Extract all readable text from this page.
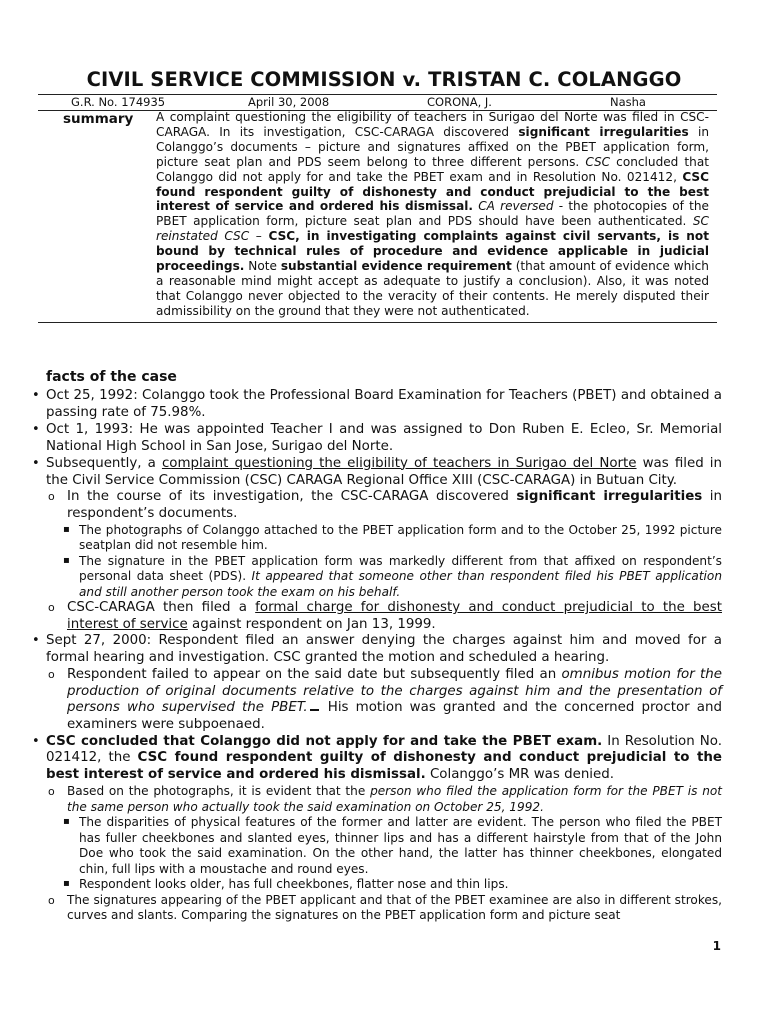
CIVIL SERVICE COMMISSION v. TRISTAN C. COLANGGO
G.R. No. 174935	April 30, 2008	CORONA, J.	Nasha
summary A complaint questioning the eligibility of teachers in Surigao del Norte was filed in CSC-CARAGA. In its investigation, CSC-CARAGA discovered significant irregularities in Colanggo’s documents – picture and signatures affixed on the PBET application form, picture seat plan and PDS seem belong to three different persons. CSC concluded that Colanggo did not apply for and take the PBET exam and in Resolution No. 021412, CSC found respondent guilty of dishonesty and conduct prejudicial to the best interest of service and ordered his dismissal. CA reversed - the photocopies of the PBET application form, picture seat plan and PDS should have been authenticated. SC reinstated CSC – CSC, in investigating complaints against civil servants, is not bound by technical rules of procedure and evidence applicable in judicial proceedings. Note substantial evidence requirement (that amount of evidence which a reasonable mind might accept as adequate to justify a conclusion). Also, it was noted that Colanggo never objected to the veracity of their contents. He merely disputed their admissibility on the ground that they were not authenticated.
facts of the case
• Oct 25, 1992: Colanggo took the Professional Board Examination for Teachers (PBET) and obtained a passing rate of 75.98%.
• Oct 1, 1993: He was appointed Teacher I and was assigned to Don Ruben E. Ecleo, Sr. Memorial National High School in San Jose, Surigao del Norte.
• Subsequently, a complaint questioning the eligibility of teachers in Surigao del Norte was filed in the Civil Service Commission (CSC) CARAGA Regional Office XIII (CSC-CARAGA) in Butuan City.
o In the course of its investigation, the CSC-CARAGA discovered significant irregularities in respondent’s documents.
▪ The photographs of Colanggo attached to the PBET application form and to the October 25, 1992 picture seatplan did not resemble him.
▪ The signature in the PBET application form was markedly different from that affixed on respondent’s personal data sheet (PDS). It appeared that someone other than respondent filed his PBET application and still another person took the exam on his behalf.
o CSC-CARAGA then filed a formal charge for dishonesty and conduct prejudicial to the best interest of service against respondent on Jan 13, 1999.
• Sept 27, 2000: Respondent filed an answer denying the charges against him and moved for a formal hearing and investigation. CSC granted the motion and scheduled a hearing.
o Respondent failed to appear on the said date but subsequently filed an omnibus motion for the production of original documents relative to the charges against him and the presentation of persons who supervised the PBET. His motion was granted and the concerned proctor and examiners were subpoenaed.
• CSC concluded that Colanggo did not apply for and take the PBET exam. In Resolution No. 021412, the CSC found respondent guilty of dishonesty and conduct prejudicial to the best interest of service and ordered his dismissal. Colanggo’s MR was denied.
o Based on the photographs, it is evident that the person who filed the application form for the PBET is not the same person who actually took the said examination on October 25, 1992.
▪ The disparities of physical features of the former and latter are evident. The person who filed the PBET has fuller cheekbones and slanted eyes, thinner lips and has a different hairstyle from that of the John Doe who took the said examination. On the other hand, the latter has thinner cheekbones, elongated chin, full lips with a moustache and round eyes.
▪ Respondent looks older, has full cheekbones, flatter nose and thin lips.
o The signatures appearing of the PBET applicant and that of the PBET examinee are also in different strokes, curves and slants. Comparing the signatures on the PBET application form and picture seat
1
